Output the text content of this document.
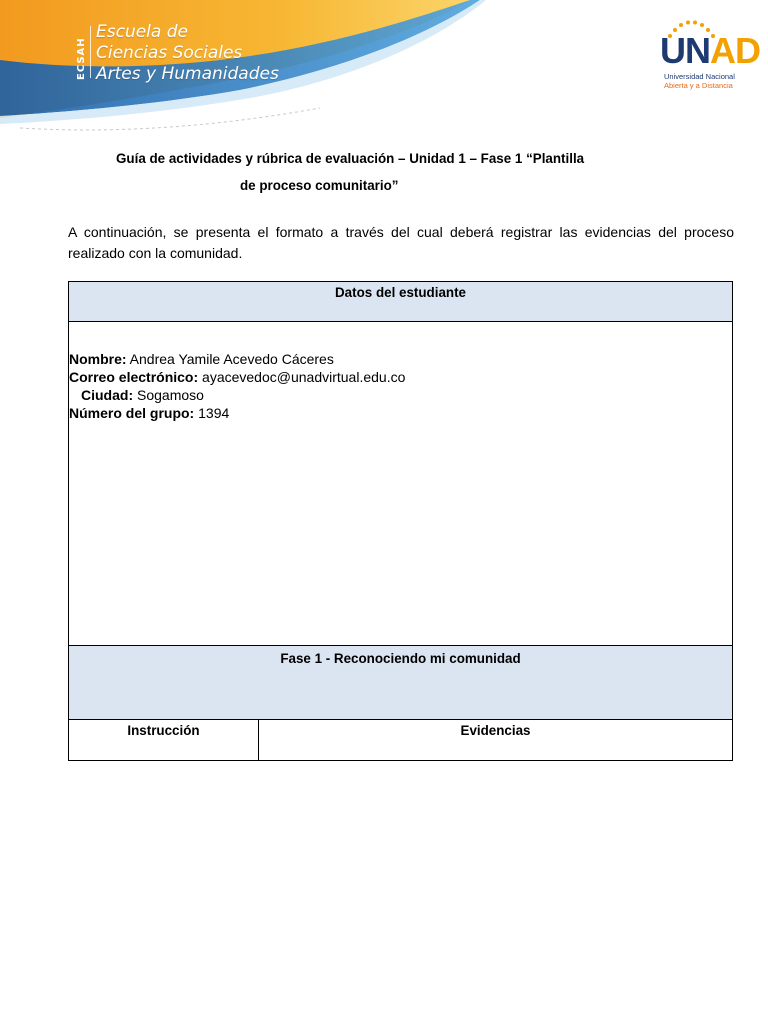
ECSAH
Escuela de
Ciencias Sociales
Artes y Humanidades
UNAD
Universidad Nacional
Abierta y a Distancia
Guía de actividades y rúbrica de evaluación – Unidad 1 – Fase 1 “Plantilla
de proceso comunitario”
A continuación, se presenta el formato a través del cual deberá registrar las evidencias del proceso realizado con la comunidad.
Datos del estudiante
Nombre: Andrea Yamile Acevedo Cáceres
Correo electrónico: ayacevedoc@unadvirtual.edu.co
Ciudad: Sogamoso
Número del grupo: 1394
Fase 1 - Reconociendo mi comunidad
Instrucción	Evidencias
